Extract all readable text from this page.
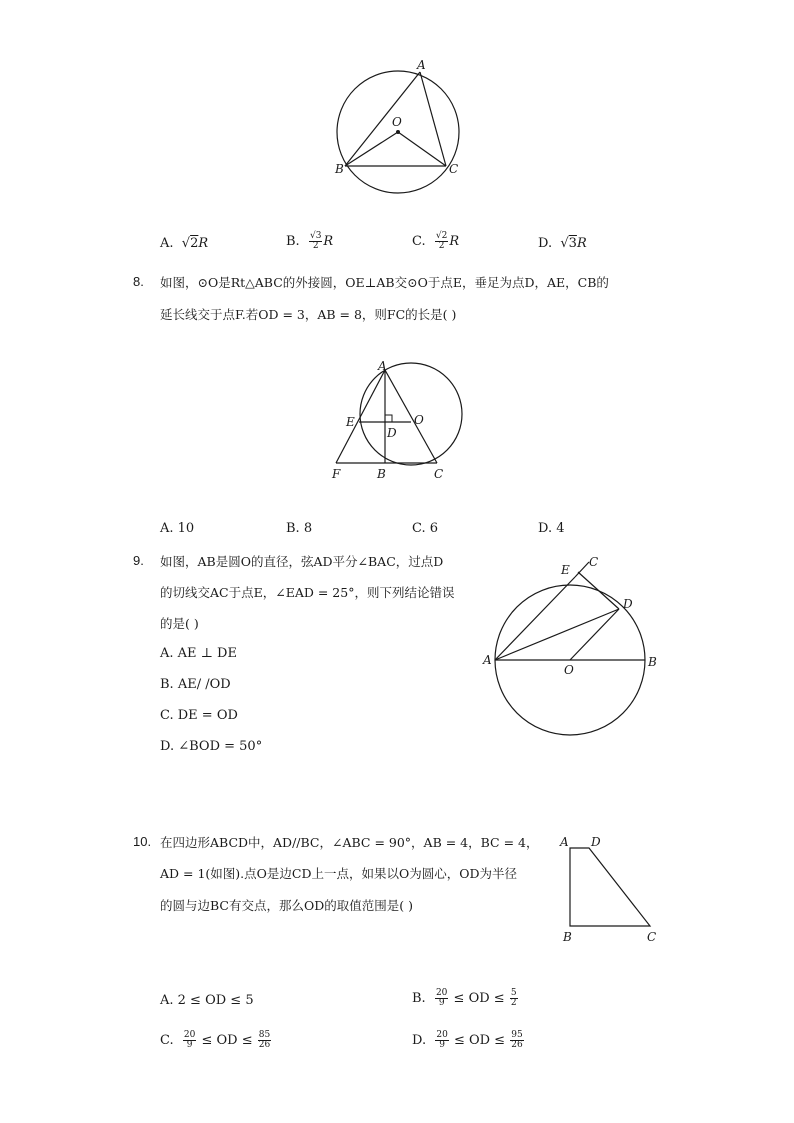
A
O
B	C
A. √2R	B. $\frac{√3}{2}$ R	C. $\frac{√2}{2}$ R	D. √3R
8. 如图，⊙O是Rt△ABC的外接圆，OE⊥AB交⊙O于点E，垂足为点D，AE，CB的
延长线交于点F.若OD = 3，AB = 8，则FC的长是( )
A
E
D
O
F	B	C
A. 10	B. 8	C. 6	D. 4
9. 如图，AB是圆O的直径，弦AD平分∠BAC，过点D
的切线交AC于点E，∠EAD = 25°，则下列结论错误
的是( )
A. AE ⊥ DE
B. AE/ /OD
C. DE = OD
D. ∠BOD = 50°
E
C
D
A
O
B
10. 在四边形ABCD中，AD//BC，∠ABC = 90°，AB = 4，BC = 4，
AD = 1(如图).点O是边CD上一点，如果以O为圆心，OD为半径
的圆与边BC有交点，那么OD的取值范围是( )
A D
B	C
A. 2 ≤ OD ≤ 5	B. $\frac{20}{9}$ ≤ OD ≤ $\frac{5}{2}$
C. $\frac{20}{9}$ ≤ OD ≤ $\frac{85}{26}$	D. $\frac{20}{9}$ ≤ OD ≤ $\frac{95}{26}$
